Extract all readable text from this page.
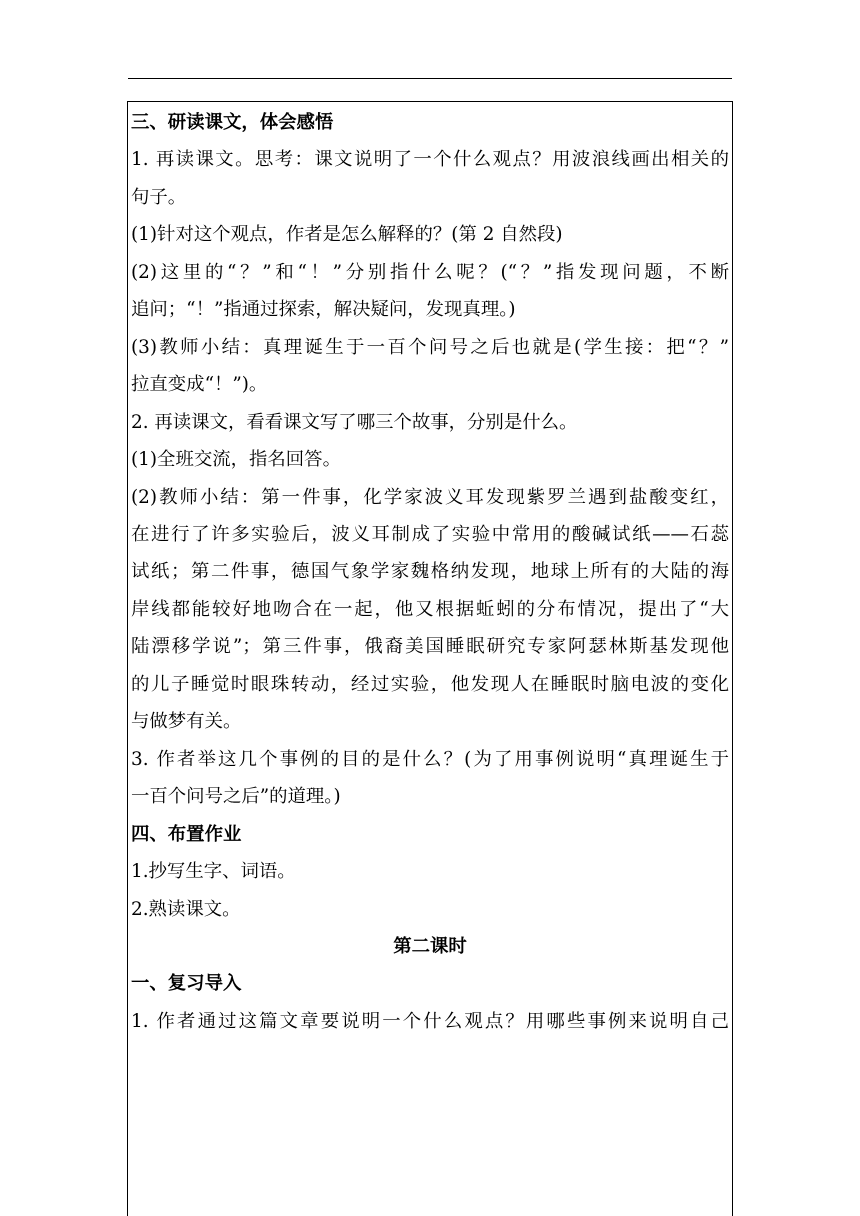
三、研读课文，体会感悟
1. 再读课文。思考：课文说明了一个什么观点？用波浪线画出相关的
句子。
(1)针对这个观点，作者是怎么解释的？(第 2 自然段)
(2)这里的“？”和“！”分别指什么呢？(“？”指发现问题，不断
追问；“！”指通过探索，解决疑问，发现真理。)
(3)教师小结：真理诞生于一百个问号之后也就是(学生接：把“？”
拉直变成“！”)。
2. 再读课文，看看课文写了哪三个故事，分别是什么。
(1)全班交流，指名回答。
(2)教师小结：第一件事，化学家波义耳发现紫罗兰遇到盐酸变红，
在进行了许多实验后，波义耳制成了实验中常用的酸碱试纸——石蕊
试纸；第二件事，德国气象学家魏格纳发现，地球上所有的大陆的海
岸线都能较好地吻合在一起，他又根据蚯蚓的分布情况，提出了“大
陆漂移学说”；第三件事，俄裔美国睡眠研究专家阿瑟林斯基发现他
的儿子睡觉时眼珠转动，经过实验，他发现人在睡眠时脑电波的变化
与做梦有关。
3. 作者举这几个事例的目的是什么？(为了用事例说明“真理诞生于
一百个问号之后”的道理。)
四、布置作业
1.抄写生字、词语。
2.熟读课文。
第二课时
一、复习导入
1. 作者通过这篇文章要说明一个什么观点？用哪些事例来说明自己
